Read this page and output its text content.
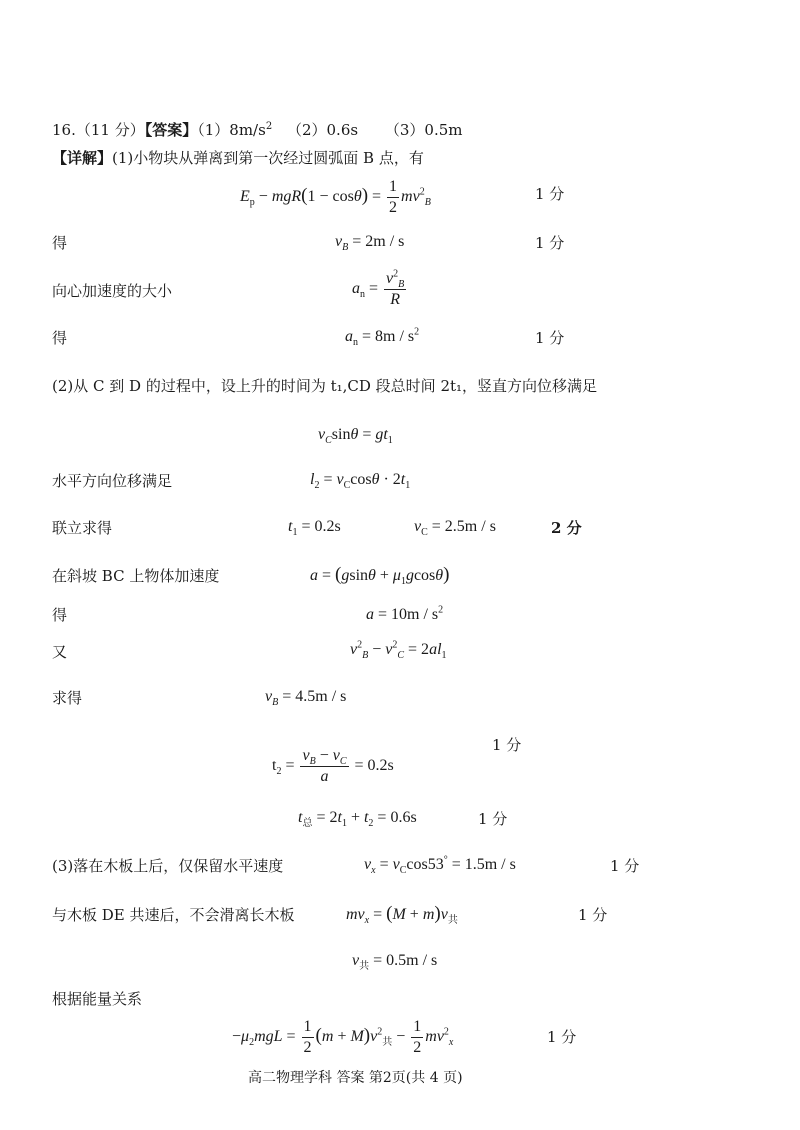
16.（11 分）【答案】$(1)8m/s^2$ （2）0.6s （3）0.5m
【详解】(1)小物块从弹离到第一次经过圆弧面 B 点，有
$E_p - mgR(1 - \cos\theta) = \frac{1}{2} mv^2_B$	1 分
得	$v_B = 2m / s$	1 分
向心加速度的大小	$a_n = \frac{v^2_B}{R}$
得	$a_n = 8m / s^2$	1 分
(2)从 C 到 D 的过程中，设上升的时间为 t₁,CD 段总时间 2t₁，竖直方向位移满足
$v_C\sin\theta = gt_1$
水平方向位移满足	$l_2 = v_C\cos\theta \cdot 2t_1$
联立求得	$t_1 = 0.2s$	$v_C = 2.5m / s$	2 分
在斜坡 BC 上物体加速度	$a = (gsin\theta + \mu_1gcos\theta)$
得	$a = 10m / s^2$
又	$v^2_B - v^2_C = 2al_1$
求得	$v_B = 4.5m / s$
1 分
$t_2 = \frac{v_B - v_C}{a} = 0.2s$
$t_总 = 2t_1 + t_2 = 0.6s$	1 分
(3)落在木板上后，仅保留水平速度	$v_x = v_C\cos 53^\circ = 1.5m / s$	1 分
与木板 DE 共速后，不会滑离长木板	$mv_x = (M + m)v_共$	1 分
$v_共 = 0.5m / s$
根据能量关系
$-\mu_2mgL = \frac{1}{2} (m + M)v^2_共 - \frac{1}{2} mv^2_x$	1 分
高二物理学科 答案 第2页(共 4 页)
